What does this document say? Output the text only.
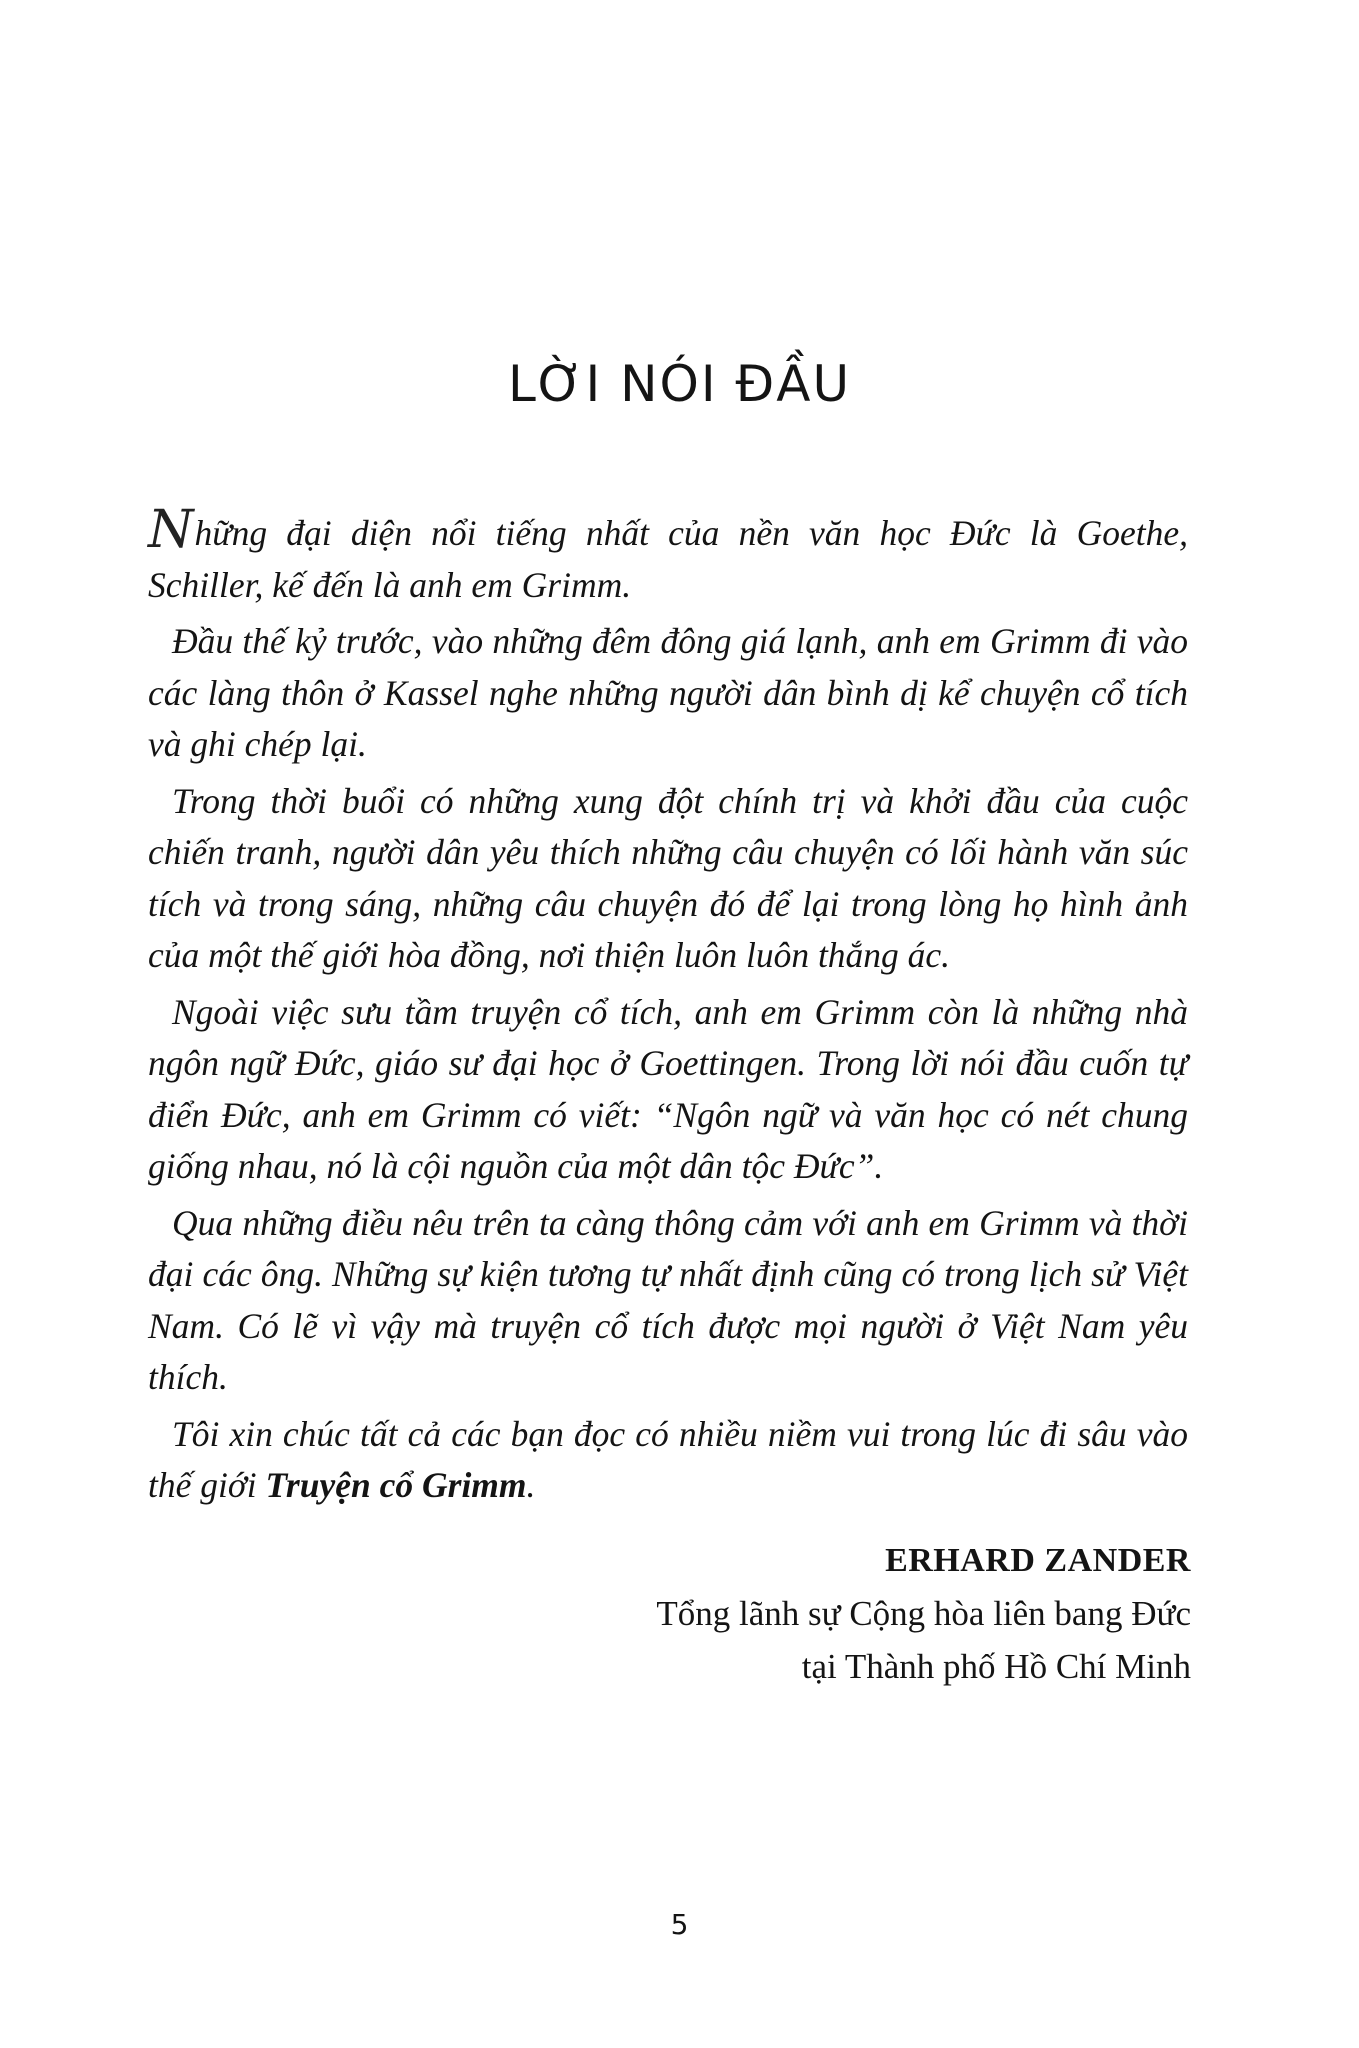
LỜI NÓI ĐẦU

Những đại diện nổi tiếng nhất của nền văn học Đức là Goethe, Schiller, kế đến là anh em Grimm.

Đầu thế kỷ trước, vào những đêm đông giá lạnh, anh em Grimm đi vào các làng thôn ở Kassel nghe những người dân bình dị kể chuyện cổ tích và ghi chép lại.

Trong thời buổi có những xung đột chính trị và khởi đầu của cuộc chiến tranh, người dân yêu thích những câu chuyện có lối hành văn súc tích và trong sáng, những câu chuyện đó để lại trong lòng họ hình ảnh của một thế giới hòa đồng, nơi thiện luôn luôn thắng ác.

Ngoài việc sưu tầm truyện cổ tích, anh em Grimm còn là những nhà ngôn ngữ Đức, giáo sư đại học ở Goettingen. Trong lời nói đầu cuốn tự điển Đức, anh em Grimm có viết: “Ngôn ngữ và văn học có nét chung giống nhau, nó là cội nguồn của một dân tộc Đức”.

Qua những điều nêu trên ta càng thông cảm với anh em Grimm và thời đại các ông. Những sự kiện tương tự nhất định cũng có trong lịch sử Việt Nam. Có lẽ vì vậy mà truyện cổ tích được mọi người ở Việt Nam yêu thích.

Tôi xin chúc tất cả các bạn đọc có nhiều niềm vui trong lúc đi sâu vào thế giới Truyện cổ Grimm.

ERHARD ZANDER
Tổng lãnh sự Cộng hòa liên bang Đức
tại Thành phố Hồ Chí Minh
5
